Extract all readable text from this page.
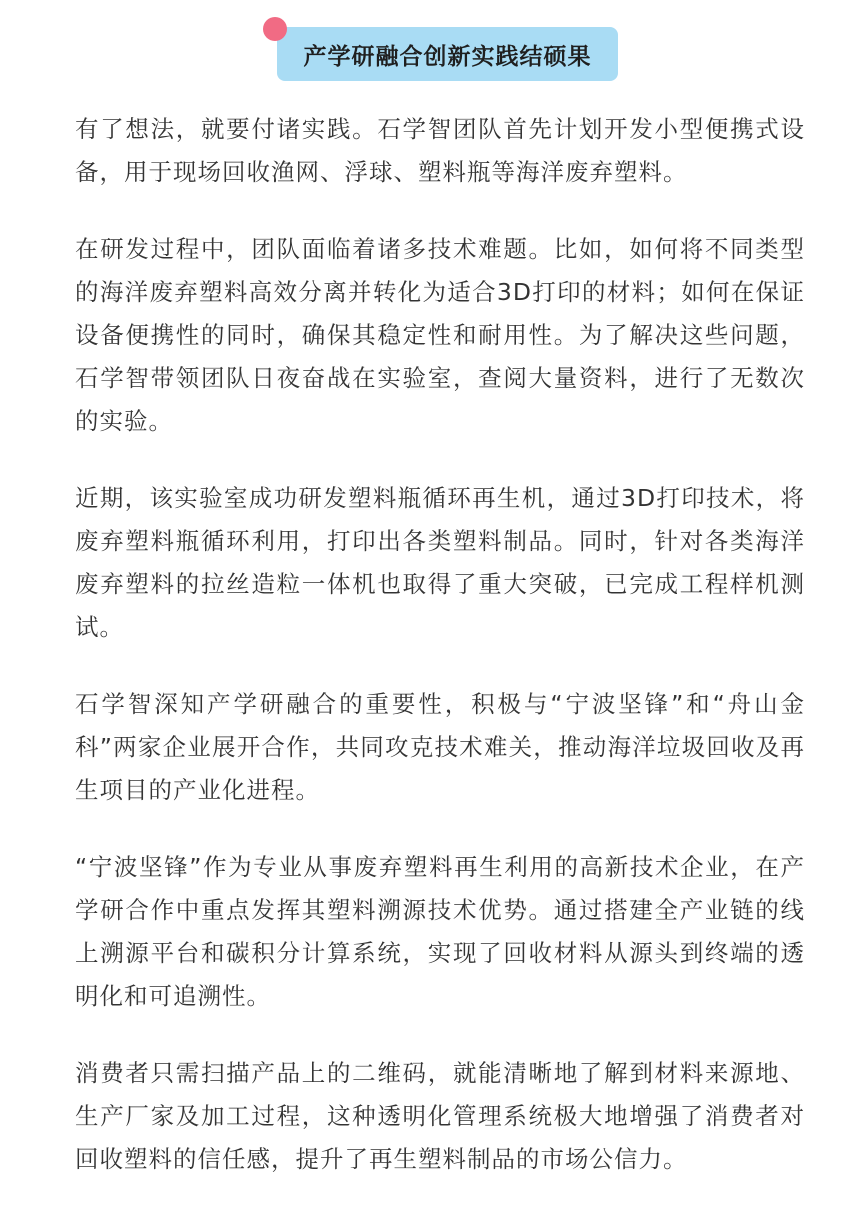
产学研融合创新实践结硕果

有了想法，就要付诸实践。石学智团队首先计划开发小型便携式设备，用于现场回收渔网、浮球、塑料瓶等海洋废弃塑料。

在研发过程中，团队面临着诸多技术难题。比如，如何将不同类型的海洋废弃塑料高效分离并转化为适合3D打印的材料；如何在保证设备便携性的同时，确保其稳定性和耐用性。为了解决这些问题，石学智带领团队日夜奋战在实验室，查阅大量资料，进行了无数次的实验。

近期，该实验室成功研发塑料瓶循环再生机，通过3D打印技术，将废弃塑料瓶循环利用，打印出各类塑料制品。同时，针对各类海洋废弃塑料的拉丝造粒一体机也取得了重大突破，已完成工程样机测试。

石学智深知产学研融合的重要性，积极与“宁波坚锋”和“舟山金科”两家企业展开合作，共同攻克技术难关，推动海洋垃圾回收及再生项目的产业化进程。

“宁波坚锋”作为专业从事废弃塑料再生利用的高新技术企业，在产学研合作中重点发挥其塑料溯源技术优势。通过搭建全产业链的线上溯源平台和碳积分计算系统，实现了回收材料从源头到终端的透明化和可追溯性。

消费者只需扫描产品上的二维码，就能清晰地了解到材料来源地、生产厂家及加工过程，这种透明化管理系统极大地增强了消费者对回收塑料的信任感，提升了再生塑料制品的市场公信力。
